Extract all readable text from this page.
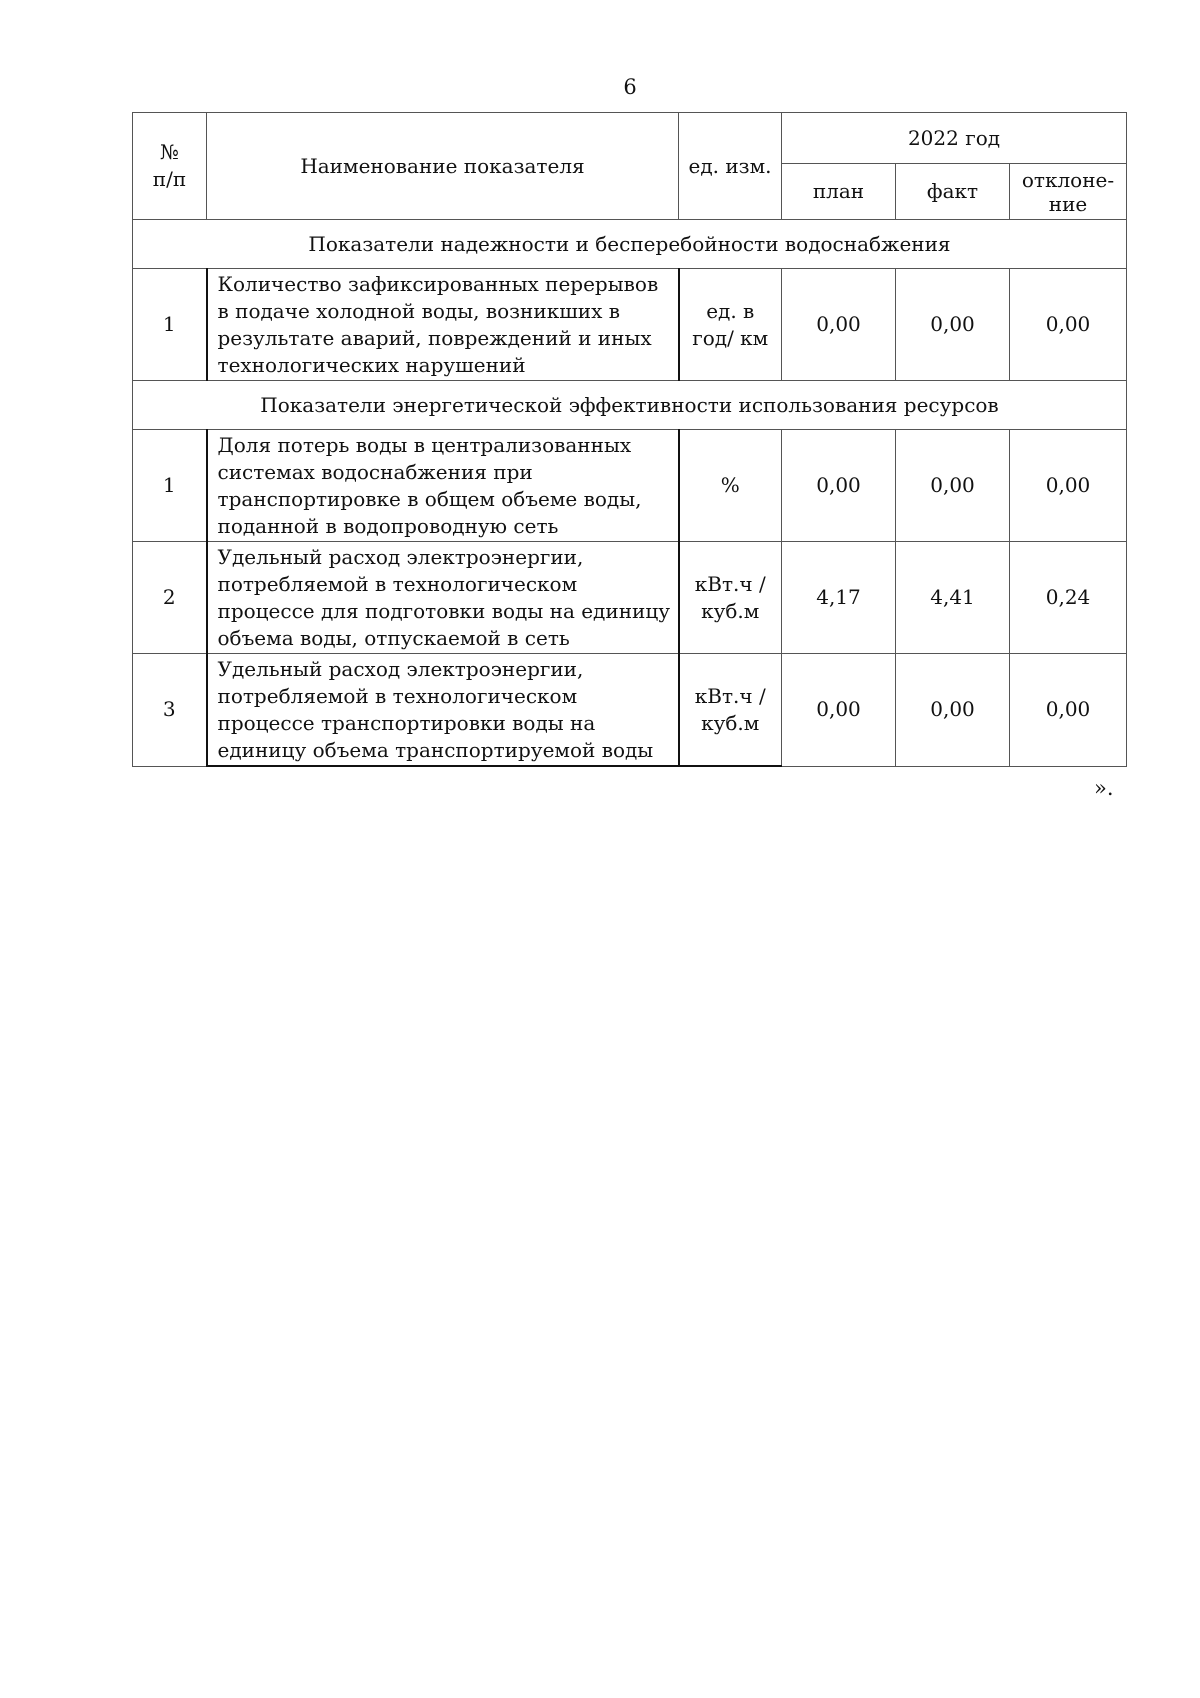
6
№ п/п	Наименование показателя	ед. изм.	2022 год		
			план	факт	отклоне-ние
Показатели надежности и бесперебойности водоснабжения					
1	Количество зафиксированных перерывов в подаче холодной воды, возникших в результате аварий, повреждений и иных технологических нарушений	ед. в год/ км	0,00	0,00	0,00
Показатели энергетической эффективности использования ресурсов					
1	Доля потерь воды в централизованных системах водоснабжения при транспортировке в общем объеме воды, поданной в водопроводную сеть	%	0,00	0,00	0,00
2	Удельный расход электроэнергии, потребляемой в технологическом процессе для подготовки воды на единицу объема воды, отпускаемой в сеть	кВт.ч / куб.м	4,17	4,41	0,24
3	Удельный расход электроэнергии, потребляемой в технологическом процессе транспортировки воды на единицу объема транспортируемой воды	кВт.ч / куб.м	0,00	0,00	0,00
».
